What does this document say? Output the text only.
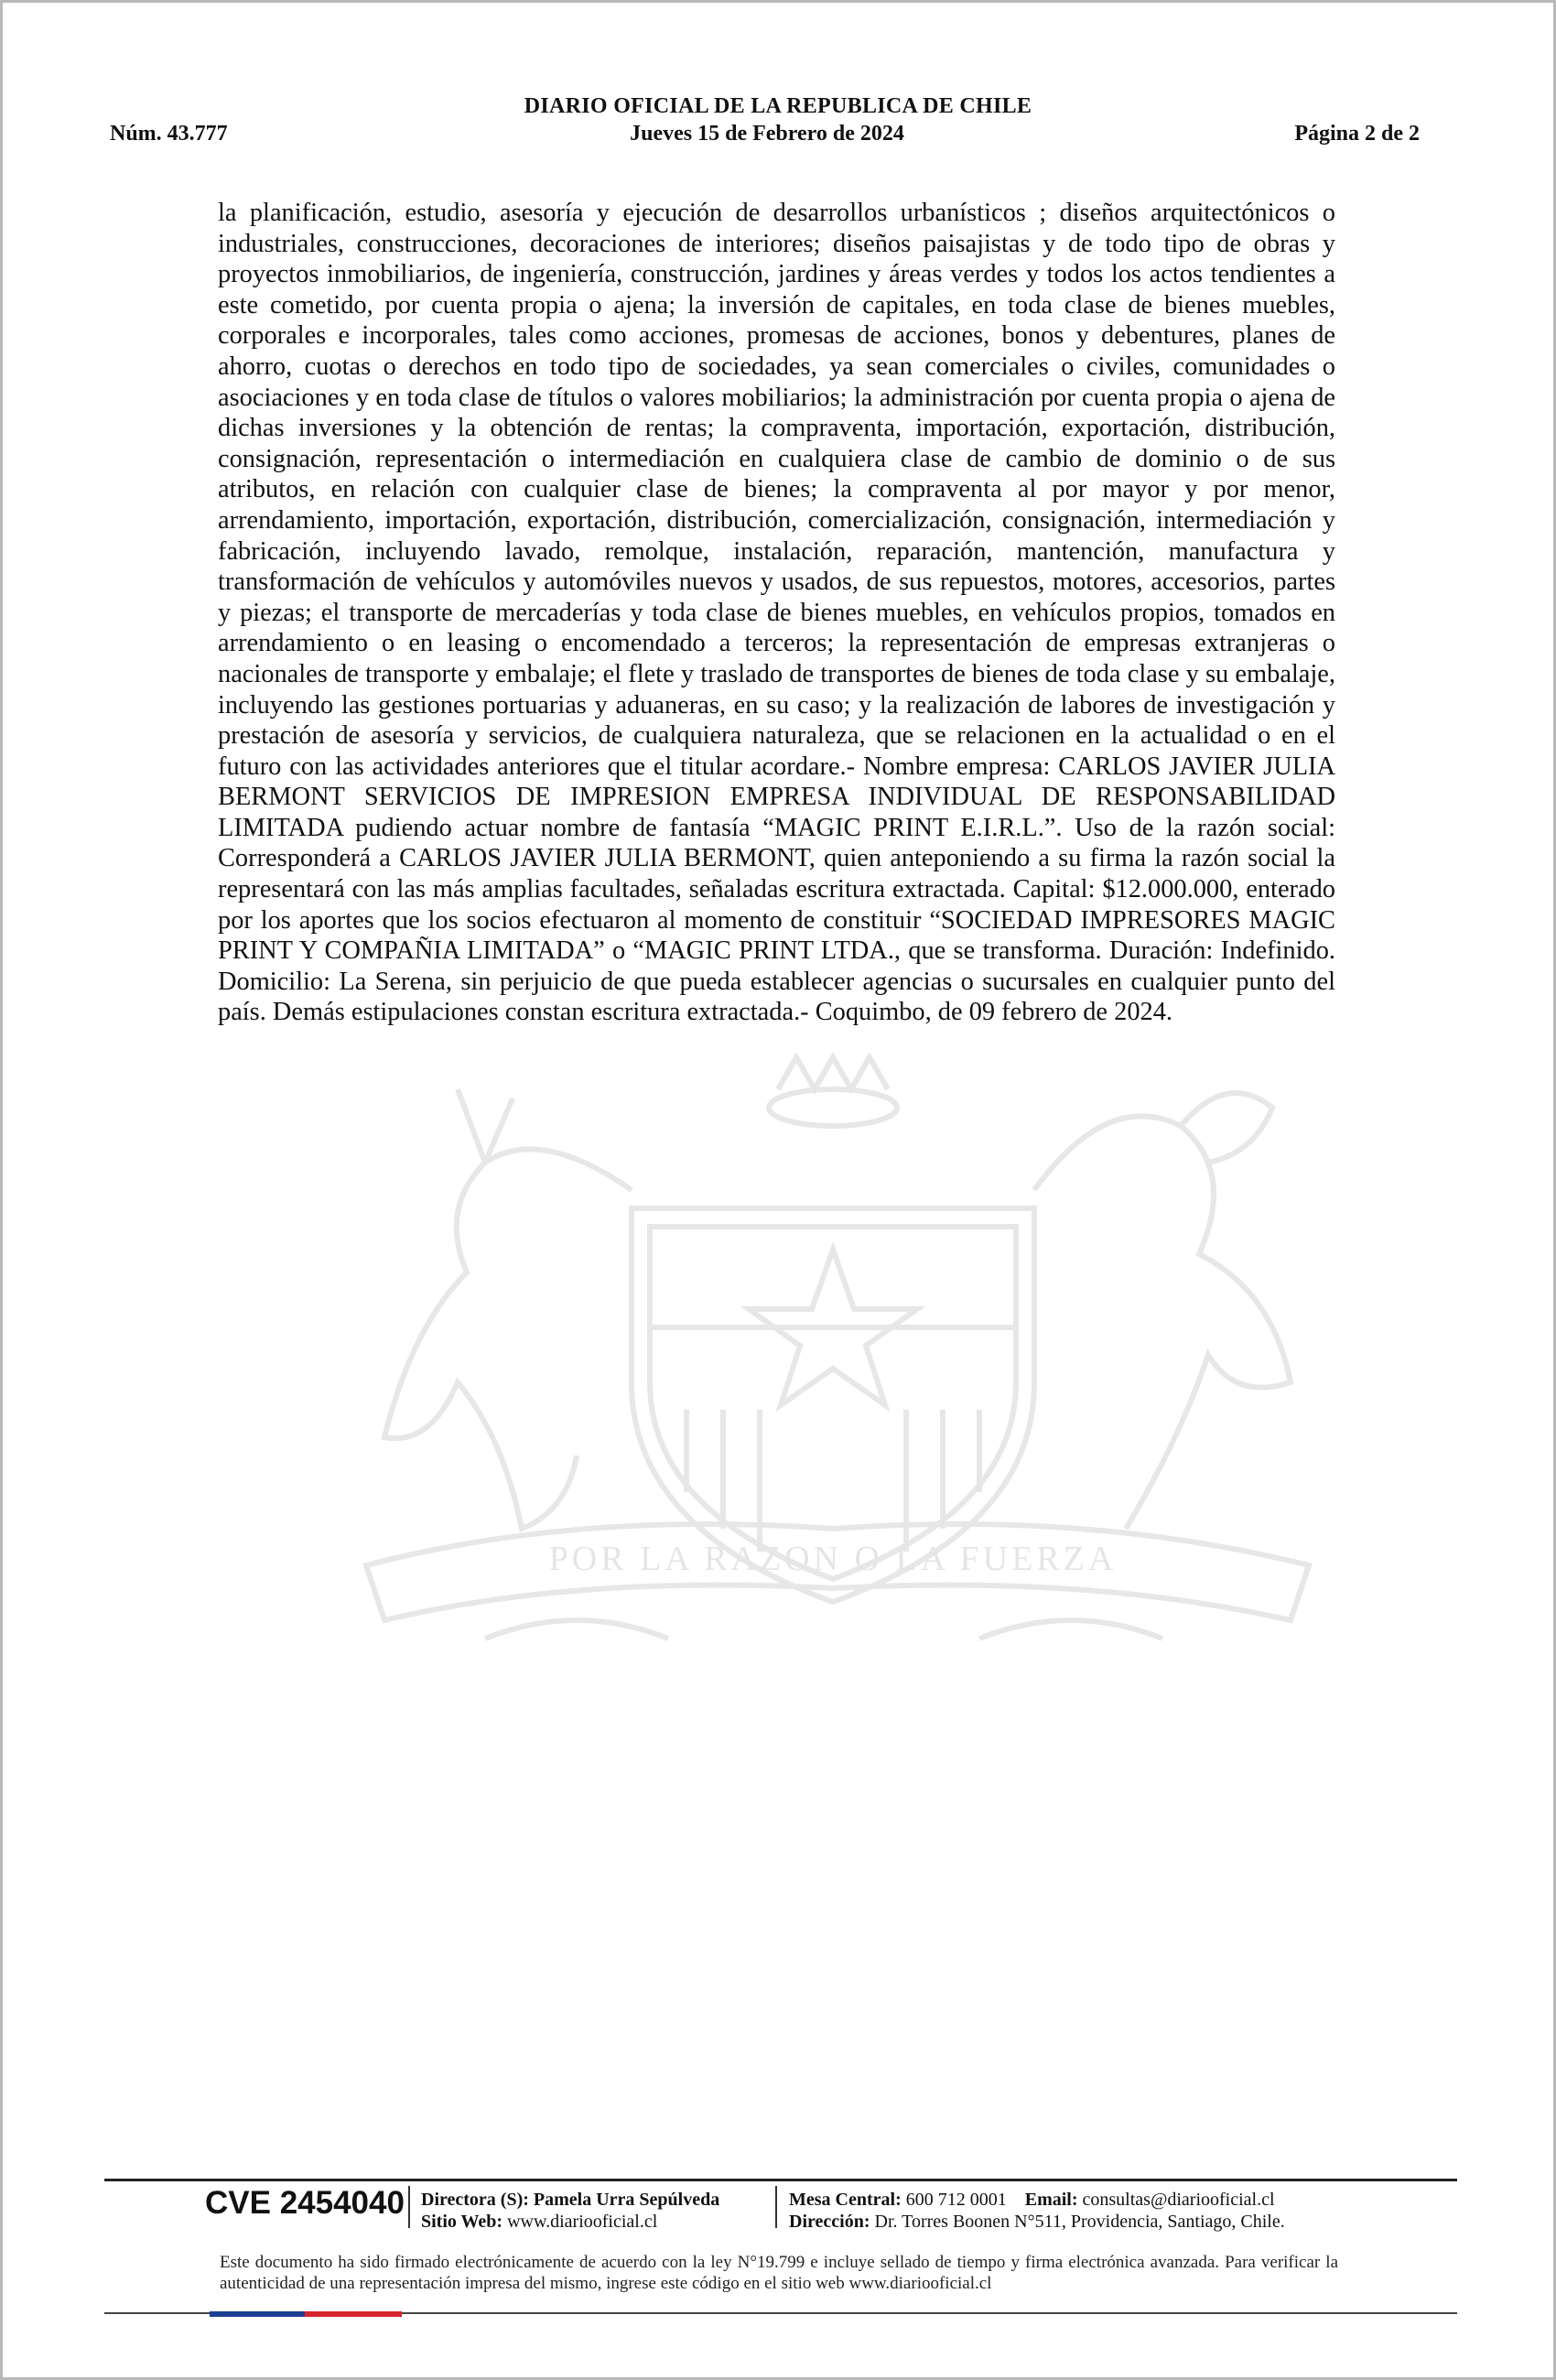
DIARIO OFICIAL DE LA REPUBLICA DE CHILE
Núm. 43.777	Jueves 15 de Febrero de 2024	Página 2 de 2
POR LA RAZON O LA FUERZA

la planificación, estudio, asesoría y ejecución de desarrollos urbanísticos ; diseños arquitectónicos o industriales, construcciones, decoraciones de interiores; diseños paisajistas y de todo tipo de obras y proyectos inmobiliarios, de ingeniería, construcción, jardines y áreas verdes y todos los actos tendientes a este cometido, por cuenta propia o ajena; la inversión de capitales, en toda clase de bienes muebles, corporales e incorporales, tales como acciones, promesas de acciones, bonos y debentures, planes de ahorro, cuotas o derechos en todo tipo de sociedades, ya sean comerciales o civiles, comunidades o asociaciones y en toda clase de títulos o valores mobiliarios; la administración por cuenta propia o ajena de dichas inversiones y la obtención de rentas; la compraventa, importación, exportación, distribución, consignación, representación o intermediación en cualquiera clase de cambio de dominio o de sus atributos, en relación con cualquier clase de bienes; la compraventa al por mayor y por menor, arrendamiento, importación, exportación, distribución, comercialización, consignación, intermediación y fabricación, incluyendo lavado, remolque, instalación, reparación, mantención, manufactura y transformación de vehículos y automóviles nuevos y usados, de sus repuestos, motores, accesorios, partes y piezas; el transporte de mercaderías y toda clase de bienes muebles, en vehículos propios, tomados en arrendamiento o en leasing o encomendado a terceros; la representación de empresas extranjeras o nacionales de transporte y embalaje; el flete y traslado de transportes de bienes de toda clase y su embalaje, incluyendo las gestiones portuarias y aduaneras, en su caso; y la realización de labores de investigación y prestación de asesoría y servicios, de cualquiera naturaleza, que se relacionen en la actualidad o en el futuro con las actividades anteriores que el titular acordare.- Nombre empresa: CARLOS JAVIER JULIA BERMONT SERVICIOS DE IMPRESION EMPRESA INDIVIDUAL DE RESPONSABILIDAD LIMITADA pudiendo actuar nombre de fantasía “MAGIC PRINT E.I.R.L.”. Uso de la razón social: Corresponderá a CARLOS JAVIER JULIA BERMONT, quien anteponiendo a su firma la razón social la representará con las más amplias facultades, señaladas escritura extractada. Capital: $12.000.000, enterado por los aportes que los socios efectuaron al momento de constituir “SOCIEDAD IMPRESORES MAGIC PRINT Y COMPAÑIA LIMITADA” o “MAGIC PRINT LTDA., que se transforma. Duración: Indefinido. Domicilio: La Serena, sin perjuicio de que pueda establecer agencias o sucursales en cualquier punto del país. Demás estipulaciones constan escritura extractada.- Coquimbo, de 09 febrero de 2024.

CVE 2454040 Directora (S): Pamela Urra Sepúlveda
Sitio Web: www.diariooficial.cl
Mesa Central: 600 712 0001 Email: consultas@diariooficial.cl
Dirección: Dr. Torres Boonen N°511, Providencia, Santiago, Chile.
Este documento ha sido firmado electrónicamente de acuerdo con la ley N°19.799 e incluye sellado de tiempo y firma electrónica avanzada. Para verificar la autenticidad de una representación impresa del mismo, ingrese este código en el sitio web www.diariooficial.cl
